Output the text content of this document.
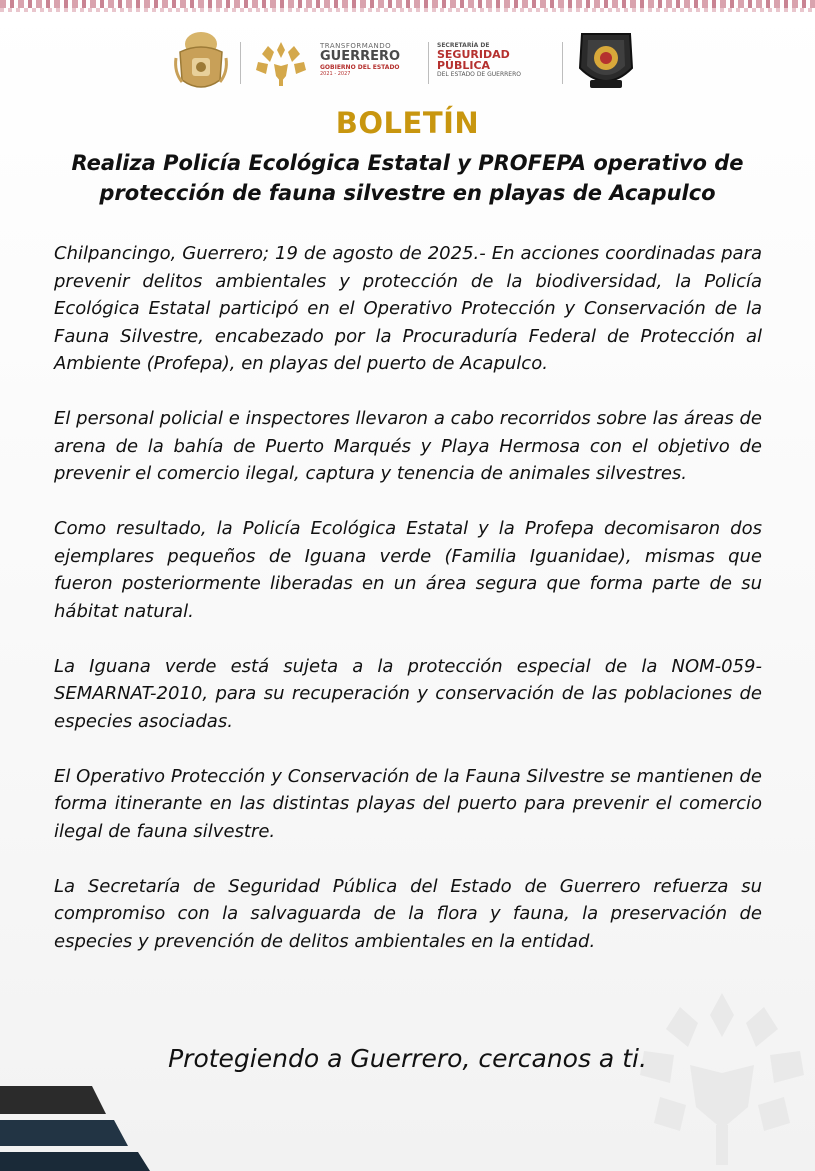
TRANSFORMANDO
GUERRERO
GOBIERNO DEL ESTADO
2021 - 2027
SECRETARÍA DE
SEGURIDAD
PÚBLICA
DEL ESTADO DE GUERRERO
BOLETÍN
Realiza Policía Ecológica Estatal y PROFEPA operativo de
protección de fauna silvestre en playas de Acapulco

Chilpancingo, Guerrero; 19 de agosto de 2025.- En acciones coordinadas para prevenir delitos ambientales y protección de la biodiversidad, la Policía Ecológica Estatal participó en el Operativo Protección y Conservación de la Fauna Silvestre, encabezado por la Procuraduría Federal de Protección al Ambiente (Profepa), en playas del puerto de Acapulco.

El personal policial e inspectores llevaron a cabo recorridos sobre las áreas de arena de la bahía de Puerto Marqués y Playa Hermosa con el objetivo de prevenir el comercio ilegal, captura y tenencia de animales silvestres.

Como resultado, la Policía Ecológica Estatal y la Profepa decomisaron dos ejemplares pequeños de Iguana verde (Familia Iguanidae), mismas que fueron posteriormente liberadas en un área segura que forma parte de su hábitat natural.

La Iguana verde está sujeta a la protección especial de la NOM-059-SEMARNAT-2010, para su recuperación y conservación de las poblaciones de especies asociadas.

El Operativo Protección y Conservación de la Fauna Silvestre se mantienen de forma itinerante en las distintas playas del puerto para prevenir el comercio ilegal de fauna silvestre.

La Secretaría de Seguridad Pública del Estado de Guerrero refuerza su compromiso con la salvaguarda de la flora y fauna, la preservación de especies y prevención de delitos ambientales en la entidad.

Protegiendo a Guerrero, cercanos a ti.
